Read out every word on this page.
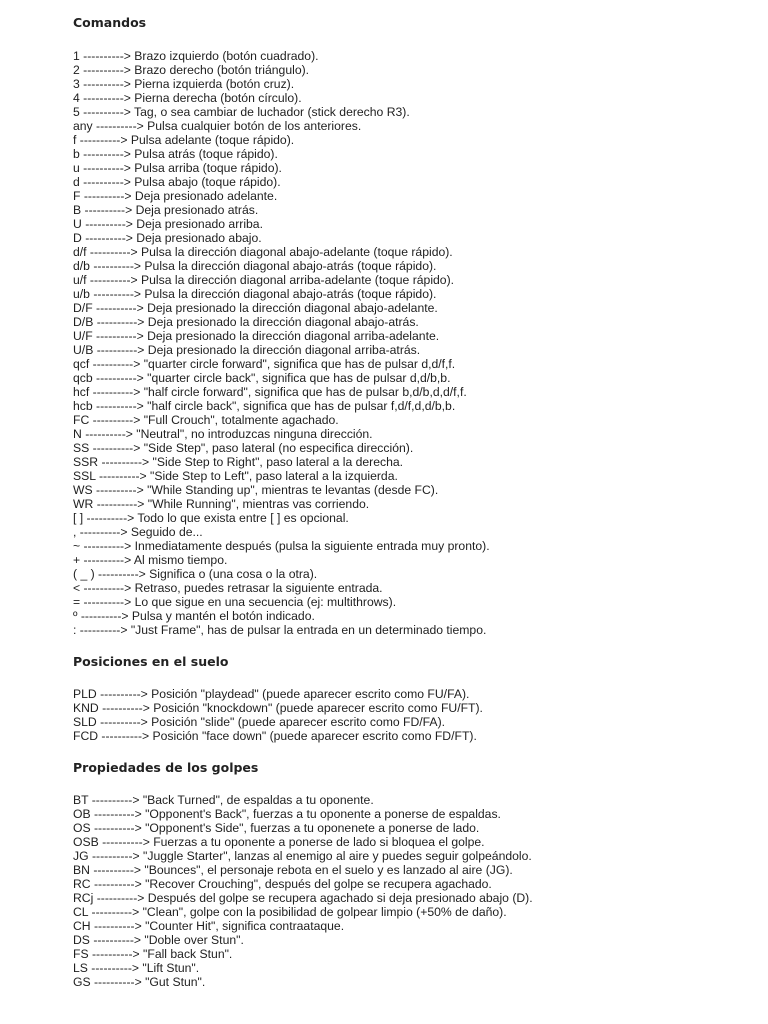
Comandos
1 ----------> Brazo izquierdo (botón cuadrado).
2 ----------> Brazo derecho (botón triángulo).
3 ----------> Pierna izquierda (botón cruz).
4 ----------> Pierna derecha (botón círculo).
5 ----------> Tag, o sea cambiar de luchador (stick derecho R3).
any ----------> Pulsa cualquier botón de los anteriores.
f ----------> Pulsa adelante (toque rápido).
b ----------> Pulsa atrás (toque rápido).
u ----------> Pulsa arriba (toque rápido).
d ----------> Pulsa abajo (toque rápido).
F ----------> Deja presionado adelante.
B ----------> Deja presionado atrás.
U ----------> Deja presionado arriba.
D ----------> Deja presionado abajo.
d/f ----------> Pulsa la dirección diagonal abajo-adelante (toque rápido).
d/b ----------> Pulsa la dirección diagonal abajo-atrás (toque rápido).
u/f ----------> Pulsa la dirección diagonal arriba-adelante (toque rápido).
u/b ----------> Pulsa la dirección diagonal abajo-atrás (toque rápido).
D/F ----------> Deja presionado la dirección diagonal abajo-adelante.
D/B ----------> Deja presionado la dirección diagonal abajo-atrás.
U/F ----------> Deja presionado la dirección diagonal arriba-adelante.
U/B ----------> Deja presionado la dirección diagonal arriba-atrás.
qcf ----------> "quarter circle forward", significa que has de pulsar d,d/f,f.
qcb ----------> "quarter circle back", significa que has de pulsar d,d/b,b.
hcf ----------> "half circle forward", significa que has de pulsar b,d/b,d,d/f,f.
hcb ----------> "half circle back", significa que has de pulsar f,d/f,d,d/b,b.
FC ----------> "Full Crouch", totalmente agachado.
N ----------> "Neutral", no introduzcas ninguna dirección.
SS ----------> "Side Step", paso lateral (no especifica dirección).
SSR ----------> "Side Step to Right", paso lateral a la derecha.
SSL ----------> "Side Step to Left", paso lateral a la izquierda.
WS ----------> "While Standing up", mientras te levantas (desde FC).
WR ----------> "While Running", mientras vas corriendo.
[ ] ----------> Todo lo que exista entre [ ] es opcional.
, ----------> Seguido de...
~ ----------> Inmediatamente después (pulsa la siguiente entrada muy pronto).
+ ----------> Al mismo tiempo.
( _ ) ----------> Significa o (una cosa o la otra).
< ----------> Retraso, puedes retrasar la siguiente entrada.
= ----------> Lo que sigue en una secuencia (ej: multithrows).
º ----------> Pulsa y mantén el botón indicado.
: ----------> "Just Frame", has de pulsar la entrada en un determinado tiempo.
Posiciones en el suelo
PLD ----------> Posición "playdead" (puede aparecer escrito como FU/FA).
KND ----------> Posición "knockdown" (puede aparecer escrito como FU/FT).
SLD ----------> Posición "slide" (puede aparecer escrito como FD/FA).
FCD ----------> Posición "face down" (puede aparecer escrito como FD/FT).
Propiedades de los golpes
BT ----------> "Back Turned", de espaldas a tu oponente.
OB ----------> "Opponent's Back", fuerzas a tu oponente a ponerse de espaldas.
OS ----------> "Opponent's Side", fuerzas a tu oponenete a ponerse de lado.
OSB ----------> Fuerzas a tu oponente a ponerse de lado si bloquea el golpe.
JG ----------> "Juggle Starter", lanzas al enemigo al aire y puedes seguir golpeándolo.
BN ----------> "Bounces", el personaje rebota en el suelo y es lanzado al aire (JG).
RC ----------> "Recover Crouching", después del golpe se recupera agachado.
RCj ----------> Después del golpe se recupera agachado si deja presionado abajo (D).
CL ----------> "Clean", golpe con la posibilidad de golpear limpio (+50% de daño).
CH ----------> "Counter Hit", significa contraataque.
DS ----------> "Doble over Stun".
FS ----------> "Fall back Stun".
LS ----------> "Lift Stun".
GS ----------> "Gut Stun".
